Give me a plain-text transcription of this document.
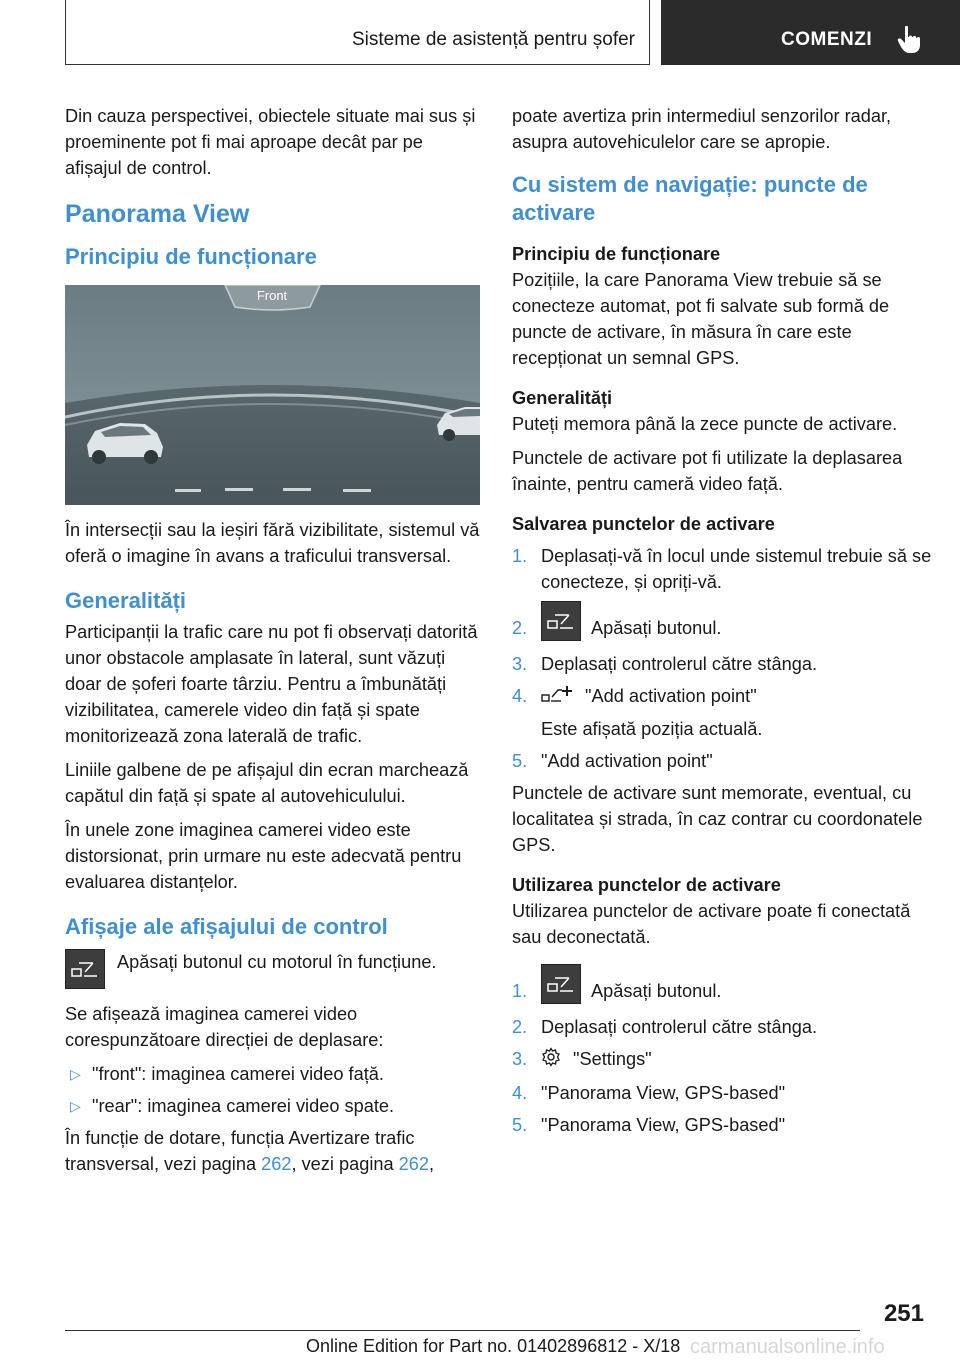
Sisteme de asistență pentru șofer	COMENZI

Din cauza perspectivei, obiectele situate mai sus și proeminente pot fi mai aproape decât par pe afișajul de control.

Panorama View
Principiu de funcționare
Front

În intersecții sau la ieșiri fără vizibilitate, sistemul vă oferă o imagine în avans a traficului transversal.

Generalități

Participanții la trafic care nu pot fi observați datorită unor obstacole amplasate în lateral, sunt văzuți doar de șoferi foarte târziu. Pentru a îmbunătăți vizibilitatea, camerele video din față și spate monitorizează zona laterală de trafic.

Liniile galbene de pe afișajul din ecran marchează capătul din față și spate al autovehiculului.

În unele zone imaginea camerei video este distorsionat, prin urmare nu este adecvată pentru evaluarea distanțelor.

Afișaje ale afișajului de control

Apăsați butonul cu motorul în funcțiune.

Se afișează imaginea camerei video corespunzătoare direcției de deplasare:

▷ "front": imaginea camerei video față.
▷ "rear": imaginea camerei video spate.

În funcție de dotare, funcția Avertizare trafic transversal, vezi pagina 262, vezi pagina 262,

poate avertiza prin intermediul senzorilor radar, asupra autovehiculelor care se apropie.

Cu sistem de navigație: puncte de activare
Principiu de funcționare

Pozițiile, la care Panorama View trebuie să se conecteze automat, pot fi salvate sub formă de puncte de activare, în măsura în care este recepționat un semnal GPS.

Generalități

Puteți memora până la zece puncte de activare.

Punctele de activare pot fi utilizate la deplasarea înainte, pentru cameră video față.

Salvarea punctelor de activare
1. Deplasați-vă în locul unde sistemul trebuie să se conecteze, și opriți-vă.
2.	Apăsați butonul.
3. Deplasați controlerul către stânga.
4.	"Add activation point"
Este afișată poziția actuală.
5. "Add activation point"

Punctele de activare sunt memorate, eventual, cu localitatea și strada, în caz contrar cu coordonatele GPS.

Utilizarea punctelor de activare

Utilizarea punctelor de activare poate fi conectată sau deconectată.

1.	Apăsați butonul.
2. Deplasați controlerul către stânga.
3.	"Settings"
4. "Panorama View, GPS-based"
5. "Panorama View, GPS-based"
251
Online Edition for Part no. 01402896812 - X/18 carmanualsonline.info
